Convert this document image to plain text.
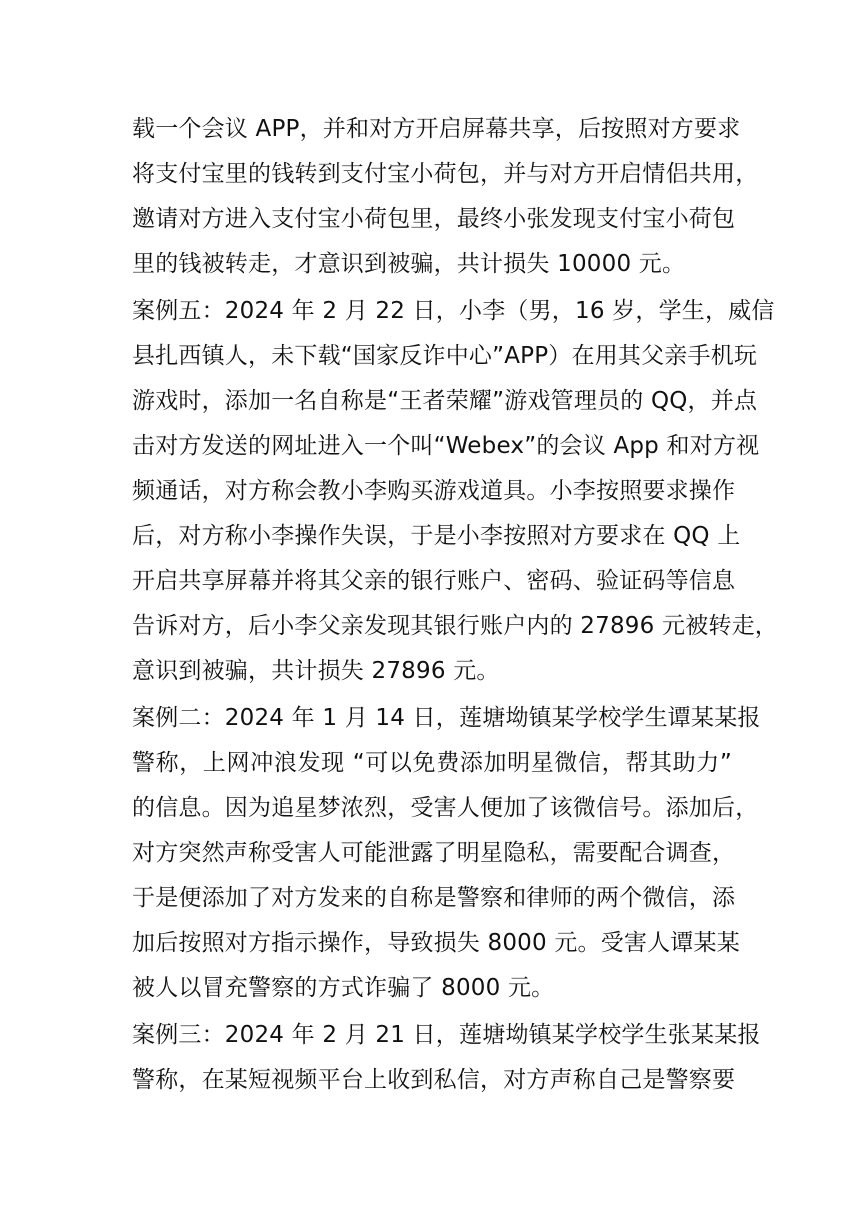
载一个会议 APP，并和对方开启屏幕共享，后按照对方要求
将支付宝里的钱转到支付宝小荷包，并与对方开启情侣共用，
邀请对方进入支付宝小荷包里，最终小张发现支付宝小荷包
里的钱被转走，才意识到被骗，共计损失 10000 元。
案例五：2024 年 2 月 22 日，小李（男，16 岁，学生，威信
县扎西镇人，未下载“国家反诈中心”APP）在用其父亲手机玩
游戏时，添加一名自称是“王者荣耀”游戏管理员的 QQ，并点
击对方发送的网址进入一个叫“Webex”的会议 App 和对方视
频通话，对方称会教小李购买游戏道具。小李按照要求操作
后，对方称小李操作失误，于是小李按照对方要求在 QQ 上
开启共享屏幕并将其父亲的银行账户、密码、验证码等信息
告诉对方，后小李父亲发现其银行账户内的 27896 元被转走，
意识到被骗，共计损失 27896 元。
案例二：2024 年 1 月 14 日，莲塘坳镇某学校学生谭某某报
警称，上网冲浪发现 “可以免费添加明星微信，帮其助力”
的信息。因为追星梦浓烈，受害人便加了该微信号。添加后，
对方突然声称受害人可能泄露了明星隐私，需要配合调查，
于是便添加了对方发来的自称是警察和律师的两个微信，添
加后按照对方指示操作，导致损失 8000 元。受害人谭某某
被人以冒充警察的方式诈骗了 8000 元。
案例三：2024 年 2 月 21 日，莲塘坳镇某学校学生张某某报
警称，在某短视频平台上收到私信，对方声称自己是警察要
